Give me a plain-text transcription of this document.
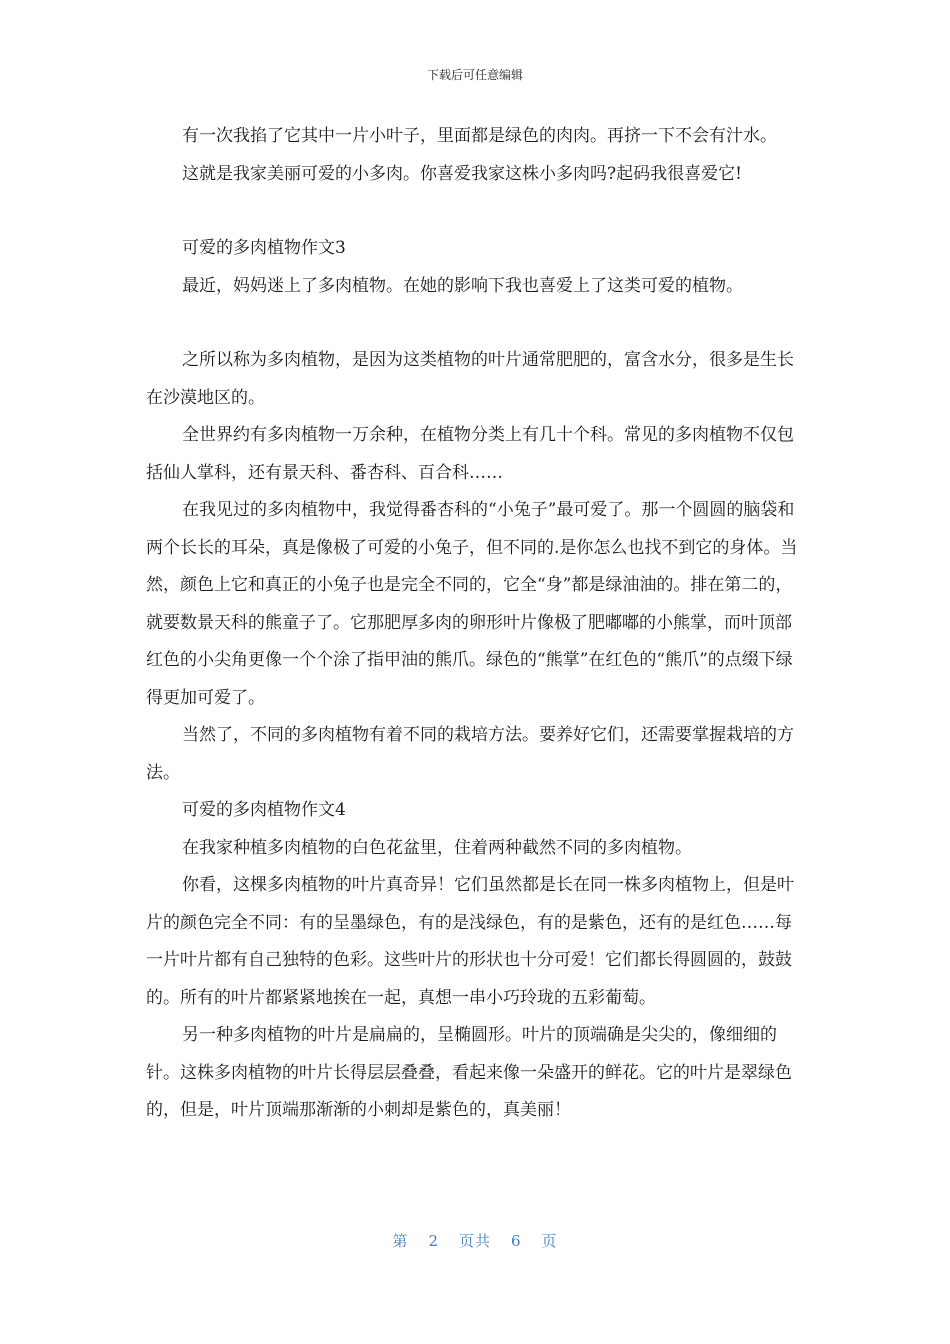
下载后可任意编辑

有一次我掐了它其中一片小叶子，里面都是绿色的肉肉。再挤一下不会有汁水。

这就是我家美丽可爱的小多肉。你喜爱我家这株小多肉吗?起码我很喜爱它!

可爱的多肉植物作文3

最近，妈妈迷上了多肉植物。在她的影响下我也喜爱上了这类可爱的植物。

之所以称为多肉植物，是因为这类植物的叶片通常肥肥的，富含水分，很多是生长在沙漠地区的。

全世界约有多肉植物一万余种，在植物分类上有几十个科。常见的多肉植物不仅包括仙人掌科，还有景天科、番杏科、百合科……

在我见过的多肉植物中，我觉得番杏科的“小兔子”最可爱了。那一个圆圆的脑袋和两个长长的耳朵，真是像极了可爱的小兔子，但不同的.是你怎么也找不到它的身体。当然，颜色上它和真正的小兔子也是完全不同的，它全“身”都是绿油油的。排在第二的，就要数景天科的熊童子了。它那肥厚多肉的卵形叶片像极了肥嘟嘟的小熊掌，而叶顶部红色的小尖角更像一个个涂了指甲油的熊爪。绿色的“熊掌”在红色的“熊爪”的点缀下绿得更加可爱了。

当然了，不同的多肉植物有着不同的栽培方法。要养好它们，还需要掌握栽培的方法。

可爱的多肉植物作文4

在我家种植多肉植物的白色花盆里，住着两种截然不同的多肉植物。

你看，这棵多肉植物的叶片真奇异！它们虽然都是长在同一株多肉植物上，但是叶片的颜色完全不同：有的呈墨绿色，有的是浅绿色，有的是紫色，还有的是红色……每一片叶片都有自己独特的色彩。这些叶片的形状也十分可爱！它们都长得圆圆的，鼓鼓的。所有的叶片都紧紧地挨在一起，真想一串小巧玲珑的五彩葡萄。

另一种多肉植物的叶片是扁扁的，呈椭圆形。叶片的顶端确是尖尖的，像细细的针。这株多肉植物的叶片长得层层叠叠，看起来像一朵盛开的鲜花。它的叶片是翠绿色的，但是，叶片顶端那渐渐的小刺却是紫色的，真美丽！

第 2 页共 6 页
